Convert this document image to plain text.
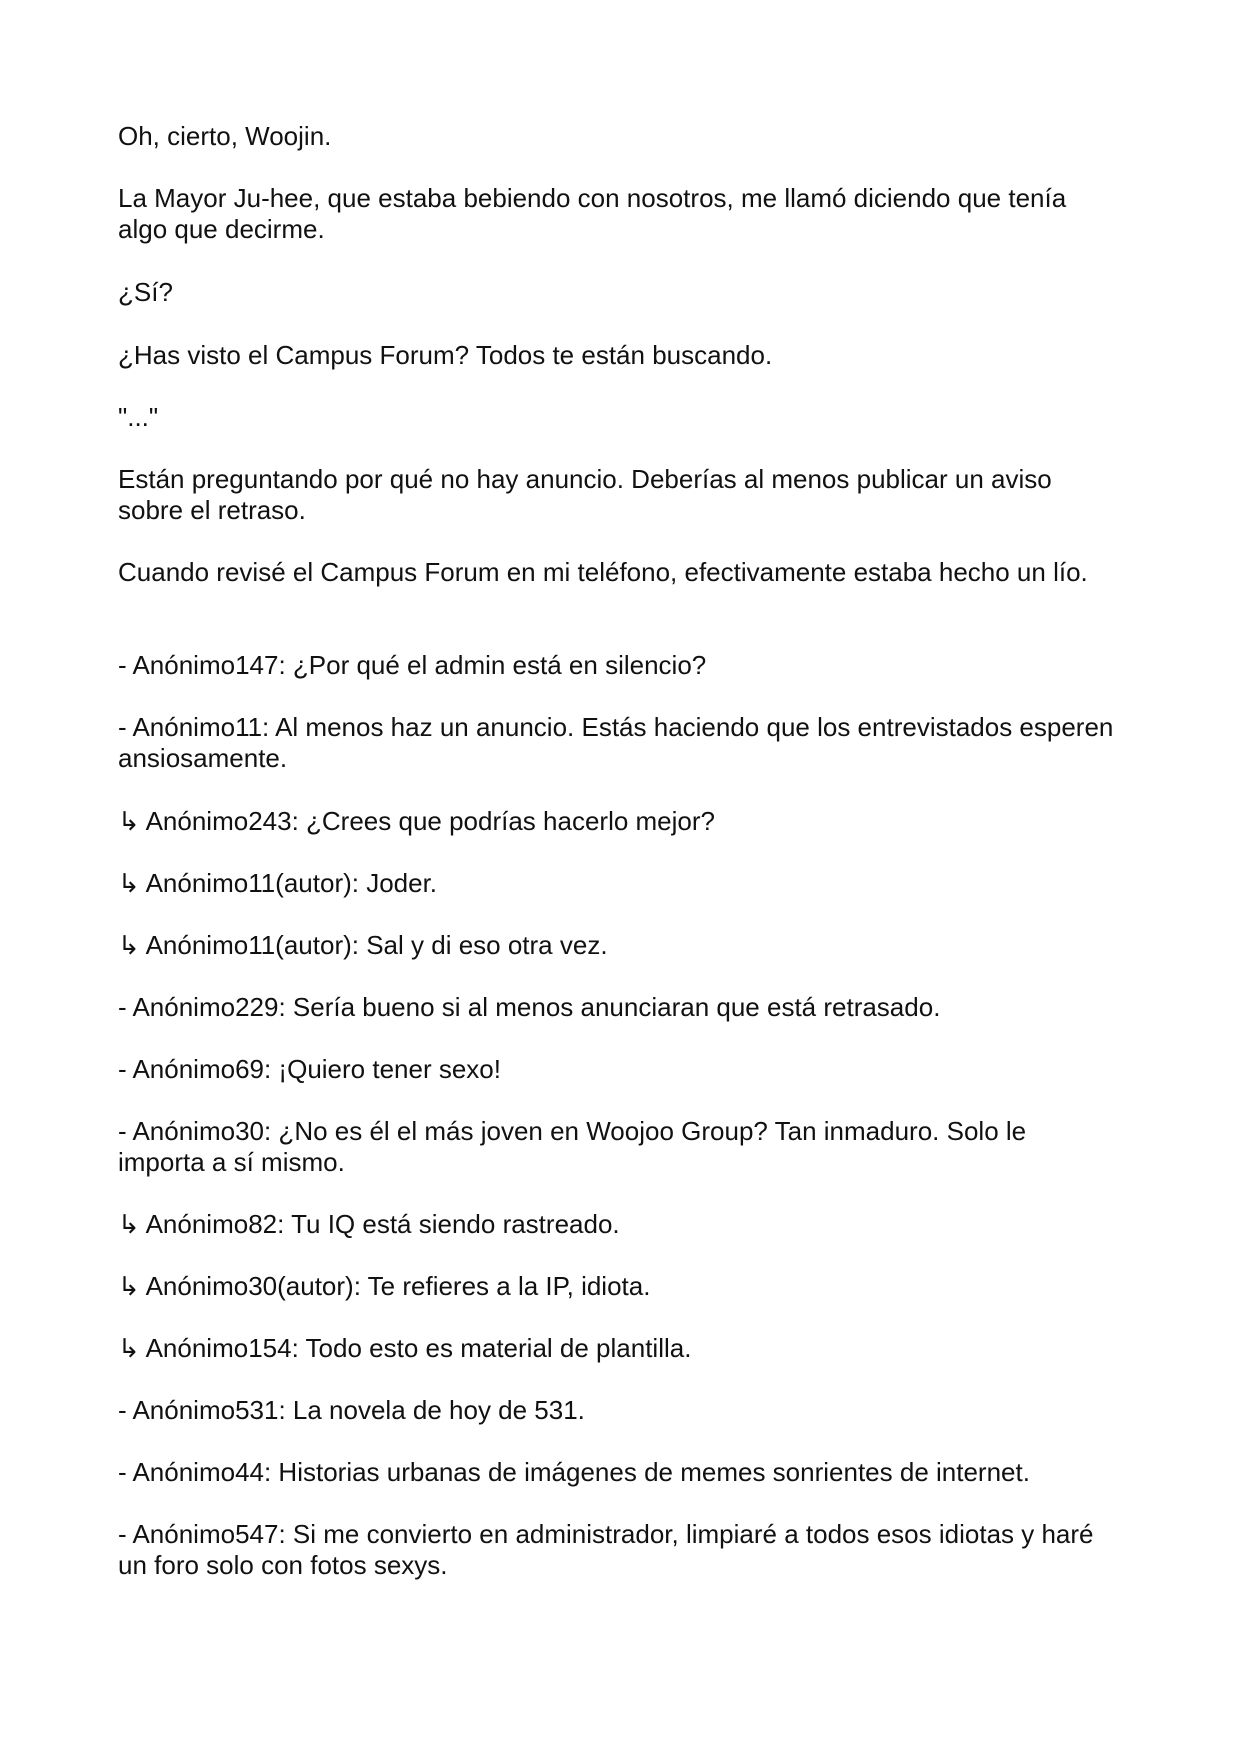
Oh, cierto, Woojin.

La Mayor Ju-hee, que estaba bebiendo con nosotros, me llamó diciendo que tenía algo que decirme.

¿Sí?

¿Has visto el Campus Forum? Todos te están buscando.

"..."

Están preguntando por qué no hay anuncio. Deberías al menos publicar un aviso sobre el retraso.

Cuando revisé el Campus Forum en mi teléfono, efectivamente estaba hecho un lío.

- Anónimo147: ¿Por qué el admin está en silencio?

- Anónimo11: Al menos haz un anuncio. Estás haciendo que los entrevistados esperen ansiosamente.

↳ Anónimo243: ¿Crees que podrías hacerlo mejor?

↳ Anónimo11(autor): Joder.

↳ Anónimo11(autor): Sal y di eso otra vez.

- Anónimo229: Sería bueno si al menos anunciaran que está retrasado.

- Anónimo69: ¡Quiero tener sexo!

- Anónimo30: ¿No es él el más joven en Woojoo Group? Tan inmaduro. Solo le importa a sí mismo.

↳ Anónimo82: Tu IQ está siendo rastreado.

↳ Anónimo30(autor): Te refieres a la IP, idiota.

↳ Anónimo154: Todo esto es material de plantilla.

- Anónimo531: La novela de hoy de 531.

- Anónimo44: Historias urbanas de imágenes de memes sonrientes de internet.

- Anónimo547: Si me convierto en administrador, limpiaré a todos esos idiotas y haré un foro solo con fotos sexys.
